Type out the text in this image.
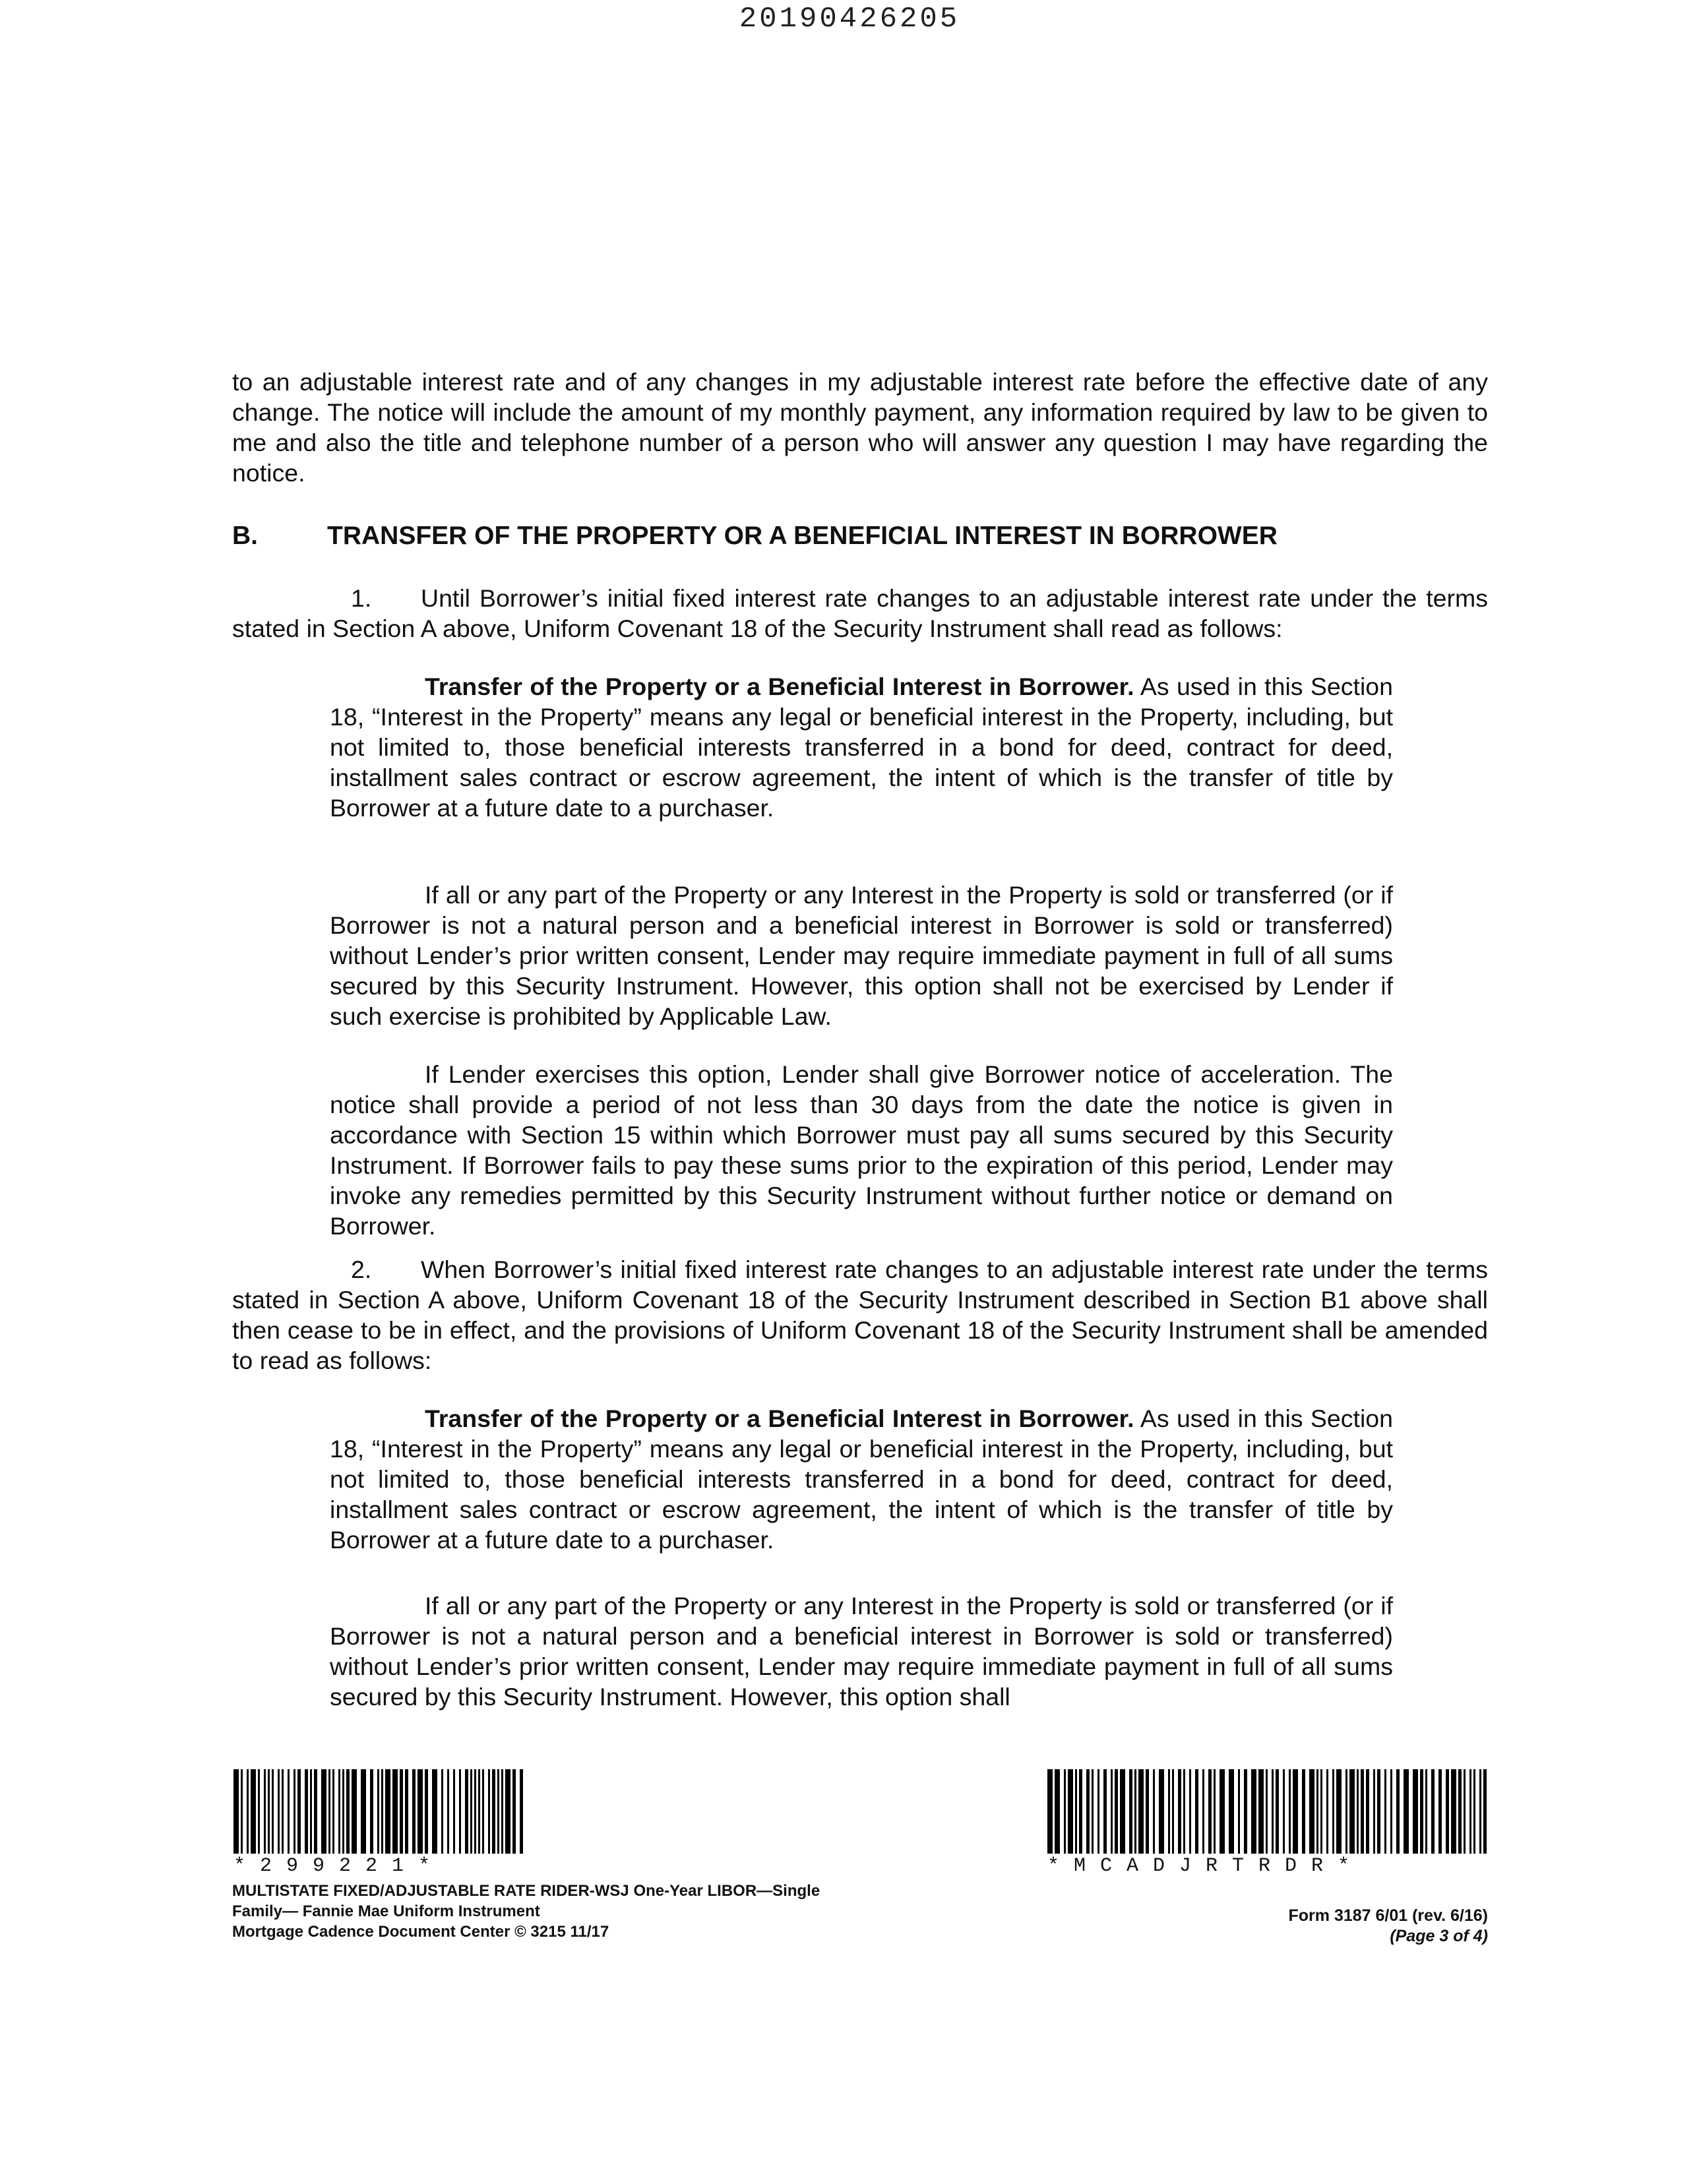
20190426205

to an adjustable interest rate and of any changes in my adjustable interest rate before the effective date of any change. The notice will include the amount of my monthly payment, any information required by law to be given to me and also the title and telephone number of a person who will answer any question I may have regarding the notice.

B.	TRANSFER OF THE PROPERTY OR A BENEFICIAL INTEREST IN BORROWER

1. Until Borrower’s initial fixed interest rate changes to an adjustable interest rate under the terms stated in Section A above, Uniform Covenant 18 of the Security Instrument shall read as follows:

Transfer of the Property or a Beneficial Interest in Borrower. As used in this Section 18, “Interest in the Property” means any legal or beneficial interest in the Property, including, but not limited to, those beneficial interests transferred in a bond for deed, contract for deed, installment sales contract or escrow agreement, the intent of which is the transfer of title by Borrower at a future date to a purchaser.

If all or any part of the Property or any Interest in the Property is sold or transferred (or if Borrower is not a natural person and a beneficial interest in Borrower is sold or transferred) without Lender’s prior written consent, Lender may require immediate payment in full of all sums secured by this Security Instrument. However, this option shall not be exercised by Lender if such exercise is prohibited by Applicable Law.

If Lender exercises this option, Lender shall give Borrower notice of acceleration. The notice shall provide a period of not less than 30 days from the date the notice is given in accordance with Section 15 within which Borrower must pay all sums secured by this Security Instrument. If Borrower fails to pay these sums prior to the expiration of this period, Lender may invoke any remedies permitted by this Security Instrument without further notice or demand on Borrower.

2. When Borrower’s initial fixed interest rate changes to an adjustable interest rate under the terms stated in Section A above, Uniform Covenant 18 of the Security Instrument described in Section B1 above shall then cease to be in effect, and the provisions of Uniform Covenant 18 of the Security Instrument shall be amended to read as follows:

Transfer of the Property or a Beneficial Interest in Borrower. As used in this Section 18, “Interest in the Property” means any legal or beneficial interest in the Property, including, but not limited to, those beneficial interests transferred in a bond for deed, contract for deed, installment sales contract or escrow agreement, the intent of which is the transfer of title by Borrower at a future date to a purchaser.

If all or any part of the Property or any Interest in the Property is sold or transferred (or if Borrower is not a natural person and a beneficial interest in Borrower is sold or transferred) without Lender’s prior written consent, Lender may require immediate payment in full of all sums secured by this Security Instrument. However, this option shall

*299221*	*MCADJRTRDR*
MULTISTATE FIXED/ADJUSTABLE RATE RIDER-WSJ One-Year LIBOR—Single
Family— Fannie Mae Uniform Instrument
Mortgage Cadence Document Center © 3215 11/17
Form 3187 6/01 (rev. 6/16)
(Page 3 of 4)
